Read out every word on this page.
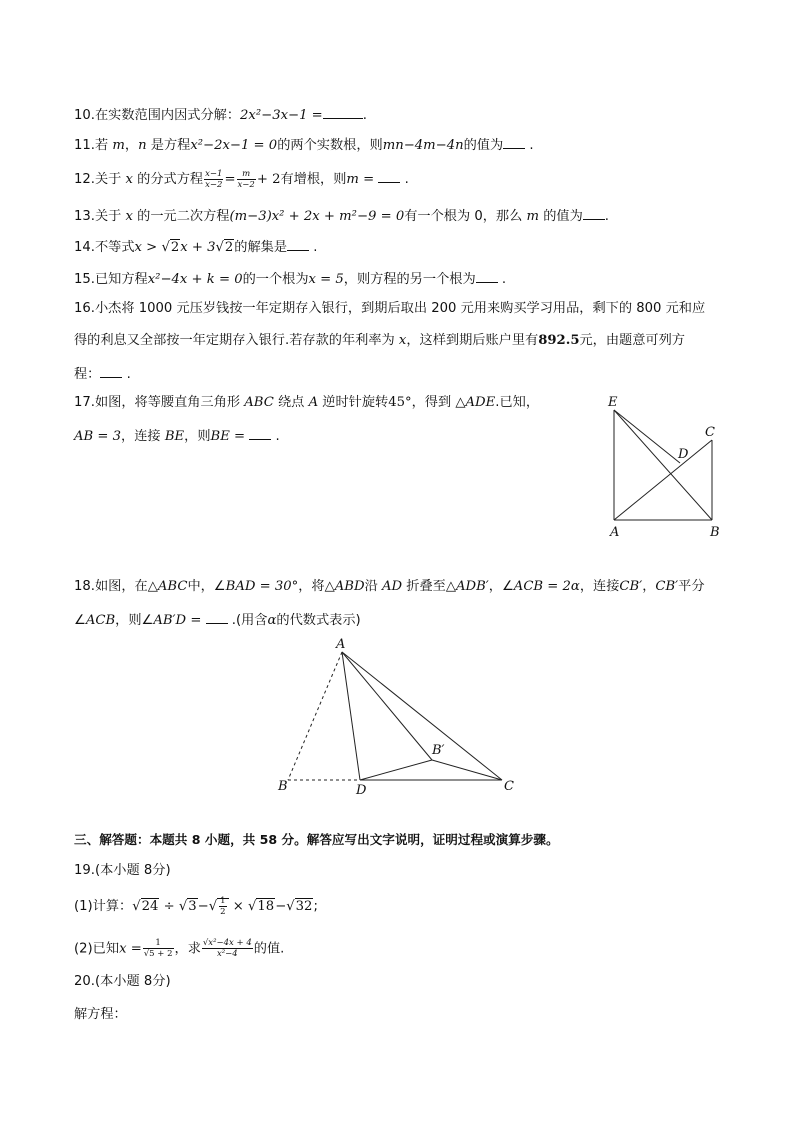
10.在实数范围内因式分解：2x²−3x−1 =	.
11.若 m，n 是方程x²−2x−1 = 0的两个实数根，则mn−4m−4n的值为 .
12.关于 x 的分式方程 $\frac{x-1}{x-2} = \frac{m}{x-2} + 2$有增根，则m = .
13.关于 x 的一元二次方程(m−3)x² + 2x + m²−9 = 0有一个根为 0，那么 m 的值为 .
14.不等式x > √2x + 3√2的解集是 .
15.已知方程x²−4x + k = 0的一个根为x = 5，则方程的另一个根为 .
16.小杰将 1000 元压岁钱按一年定期存入银行，到期后取出 200 元用来购买学习用品，剩下的 800 元和应
得的利息又全部按一年定期存入银行.若存款的年利率为 x，这样到期后账户里有892.5元，由题意可列方
程： .
17.如图，将等腰直角三角形 ABC 绕点 A 逆时针旋转45°，得到 △ADE.已知，
AB = 3，连接 BE，则BE = .
E
C
D
A	B
18.如图，在△ABC中，∠BAD = 30°，将△ABD沿 AD 折叠至△ADB′，∠ACB = 2α，连接CB′，CB′平分
∠ACB，则∠AB′D = .(用含α的代数式表示)
A
B′
B	D	C
三、解答题：本题共 8 小题，共 58 分。解答应写出文字说明，证明过程或演算步骤。
19.(本小题 8分)
(1)计算：$√24 \div √3-√ \frac{1}{2} \times √18-√32$;
(2)已知$x = \frac{1}{√5 + 2}$ ，求 $\frac{\text{√x²−4x + 4}}{\text{x²−4}}$ 的值.
20.(本小题 8分)
解方程：
